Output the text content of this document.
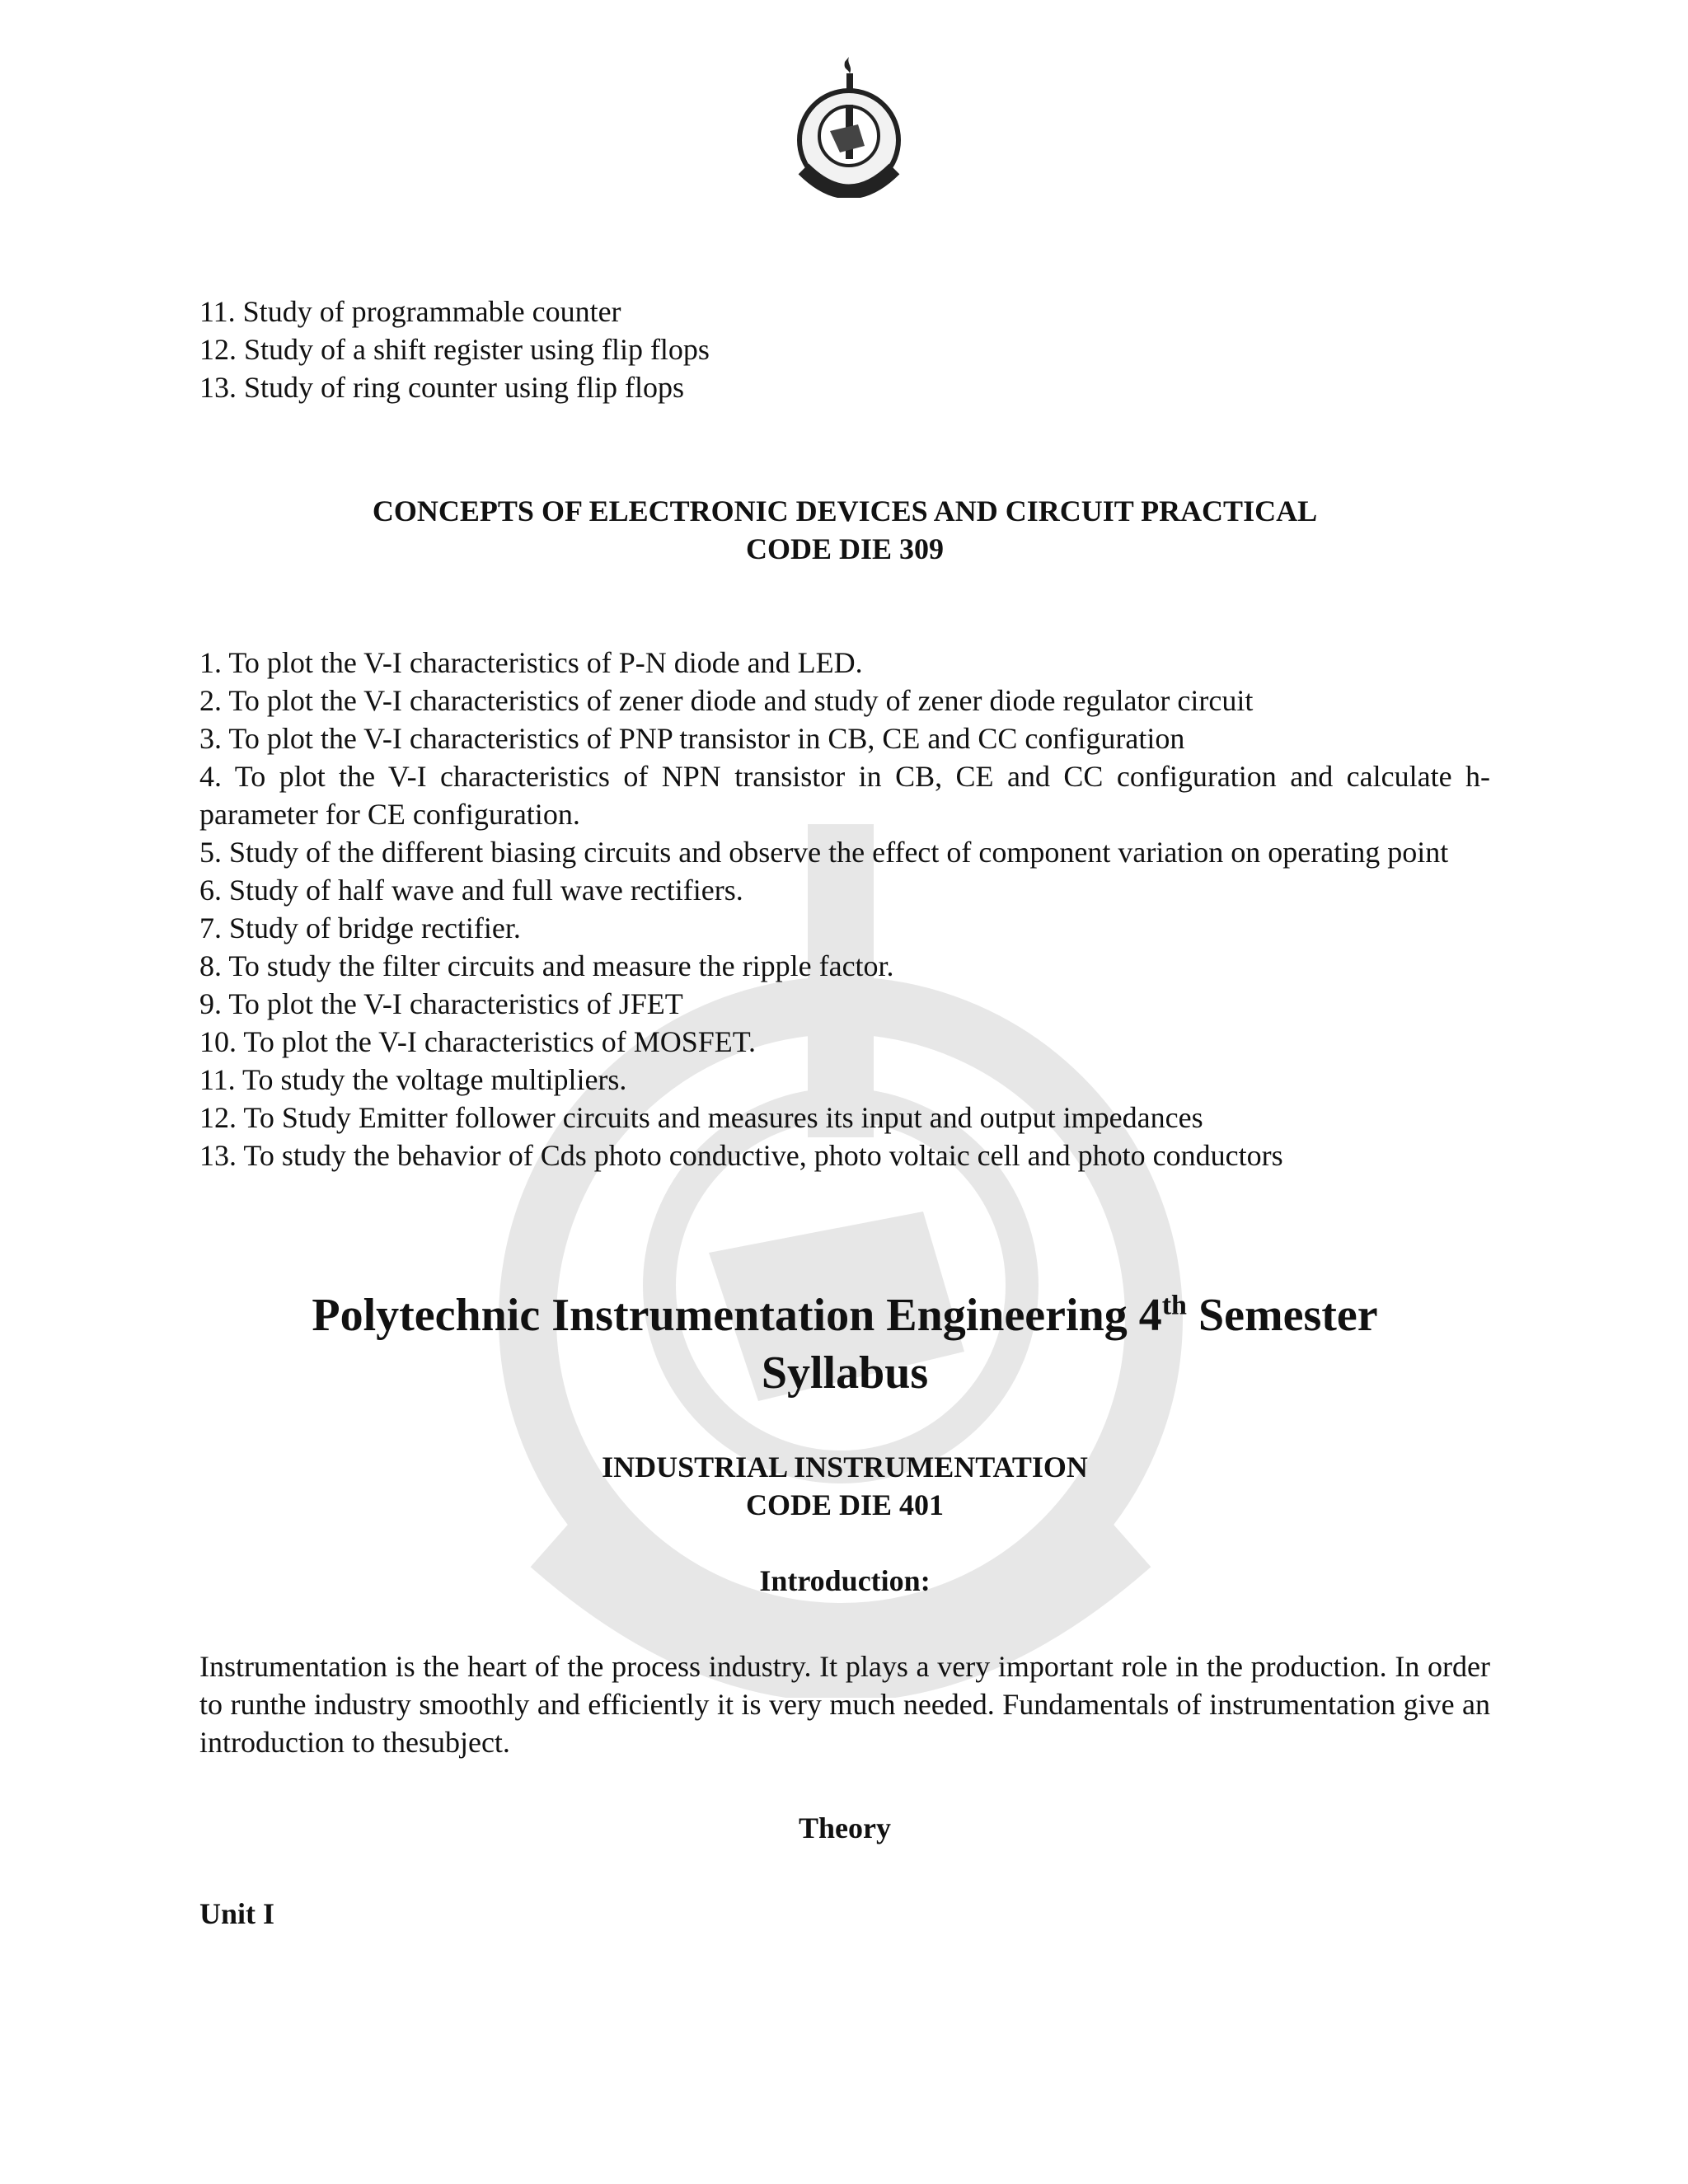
11. Study of programmable counter
12. Study of a shift register using flip flops
13. Study of ring counter using flip flops
CONCEPTS OF ELECTRONIC DEVICES AND CIRCUIT PRACTICAL
CODE DIE 309
1. To plot the V-I characteristics of P-N diode and LED.
2. To plot the V-I characteristics of zener diode and study of zener diode regulator circuit
3. To plot the V-I characteristics of PNP transistor in CB, CE and CC configuration
4. To plot the V-I characteristics of NPN transistor in CB, CE and CC configuration and calculate h-parameter for CE configuration.
5. Study of the different biasing circuits and observe the effect of component variation on operating point
6. Study of half wave and full wave rectifiers.
7. Study of bridge rectifier.
8. To study the filter circuits and measure the ripple factor.
9. To plot the V-I characteristics of JFET
10. To plot the V-I characteristics of MOSFET.
11. To study the voltage multipliers.
12. To Study Emitter follower circuits and measures its input and output impedances
13. To study the behavior of Cds photo conductive, photo voltaic cell and photo conductors
Polytechnic Instrumentation Engineering 4th Semester
Syllabus
INDUSTRIAL INSTRUMENTATION
CODE DIE 401
Introduction:

Instrumentation is the heart of the process industry. It plays a very important role in the production. In order to runthe industry smoothly and efficiently it is very much needed. Fundamentals of instrumentation give an introduction to thesubject.

Theory
Unit I
